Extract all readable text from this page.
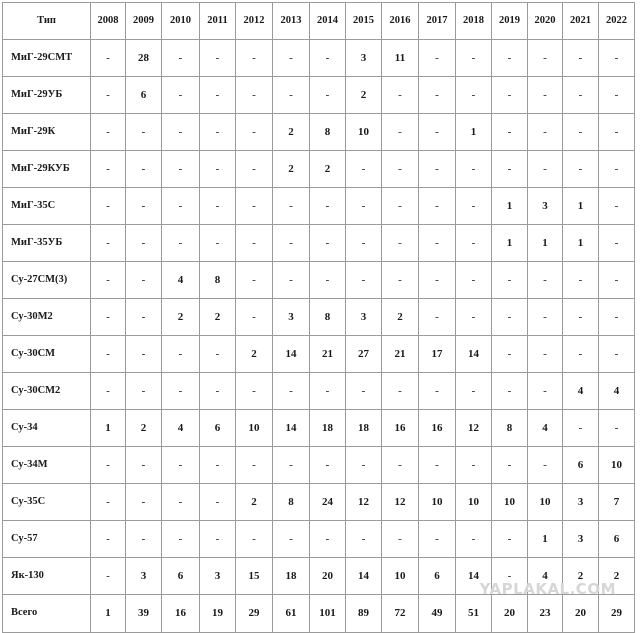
Тип	2008	2009	2010	2011	2012	2013	2014	2015	2016	2017	2018	2019	2020	2021	2022
МиГ-29СМТ	-	28	-	-	-	-	-	3	11	-	-	-	-	-	-
МиГ-29УБ	-	6	-	-	-	-	-	2	-	-	-	-	-	-	-
МиГ-29К	-	-	-	-	-	2	8	10	-	-	1	-	-	-	-
МиГ-29КУБ	-	-	-	-	-	2	2	-	-	-	-	-	-	-	-
МиГ-35С	-	-	-	-	-	-	-	-	-	-	-	1	3	1	-
МиГ-35УБ	-	-	-	-	-	-	-	-	-	-	-	1	1	1	-
Су-27СМ(3)	-	-	4	8	-	-	-	-	-	-	-	-	-	-	-
Су-30М2	-	-	2	2	-	3	8	3	2	-	-	-	-	-	-
Су-30СМ	-	-	-	-	2	14	21	27	21	17	14	-	-	-	-
Су-30СМ2	-	-	-	-	-	-	-	-	-	-	-	-	-	4	4
Су-34	1	2	4	6	10	14	18	18	16	16	12	8	4	-	-
Су-34М	-	-	-	-	-	-	-	-	-	-	-	-	-	6	10
Су-35С	-	-	-	-	2	8	24	12	12	10	10	10	10	3	7
Су-57	-	-	-	-	-	-	-	-	-	-	-	-	1	3	6
Як-130	-	3	6	3	15	18	20	14	10	6	14	-	4	2	2
Всего	1	39	16	19	29	61	101	89	72	49	51	20	23	20	29
YAPLAKAL.COM
